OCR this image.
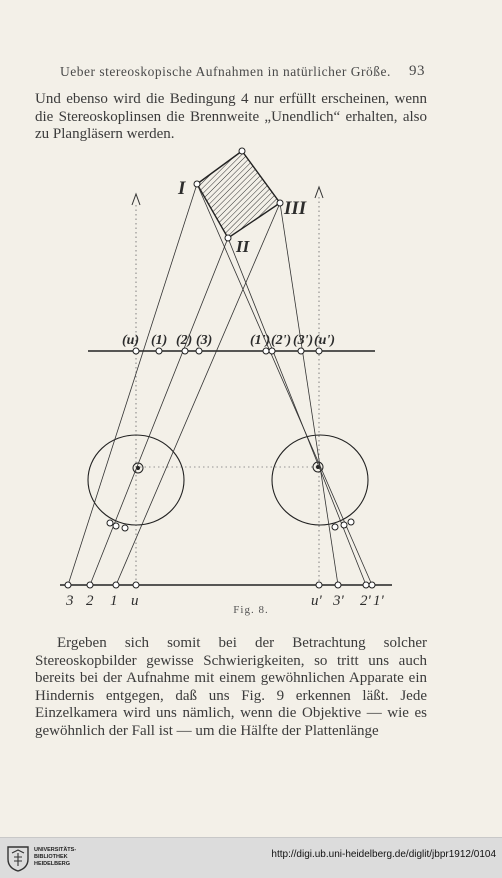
Ueber stereoskopische Aufnahmen in natürlicher Größe. 93

Und ebenso wird die Bedingung 4 nur erfüllt erscheinen, wenn die Stereoskoplinsen die Brennweite „Unendlich“ erhalten, also zu Plangläsern werden.

I
II
III
(u) (1) (2) (3)	(1') (2') (3') (u')
3 2 1 u	u' 3' 2' 1'
Fig. 8.

Ergeben sich somit bei der Betrachtung solcher Stereoskopbilder gewisse Schwierigkeiten, so tritt uns auch bereits bei der Aufnahme mit einem gewöhnlichen Apparate ein Hindernis entgegen, daß uns Fig. 9 erkennen läßt. Jede Einzelkamera wird uns nämlich, wenn die Objektive — wie es gewöhnlich der Fall ist — um die Hälfte der Plattenlänge

UNIVERSITÄTS-
BIBLIOTHEK
HEIDELBERG
http://digi.ub.uni-heidelberg.de/diglit/jbpr1912/0104
